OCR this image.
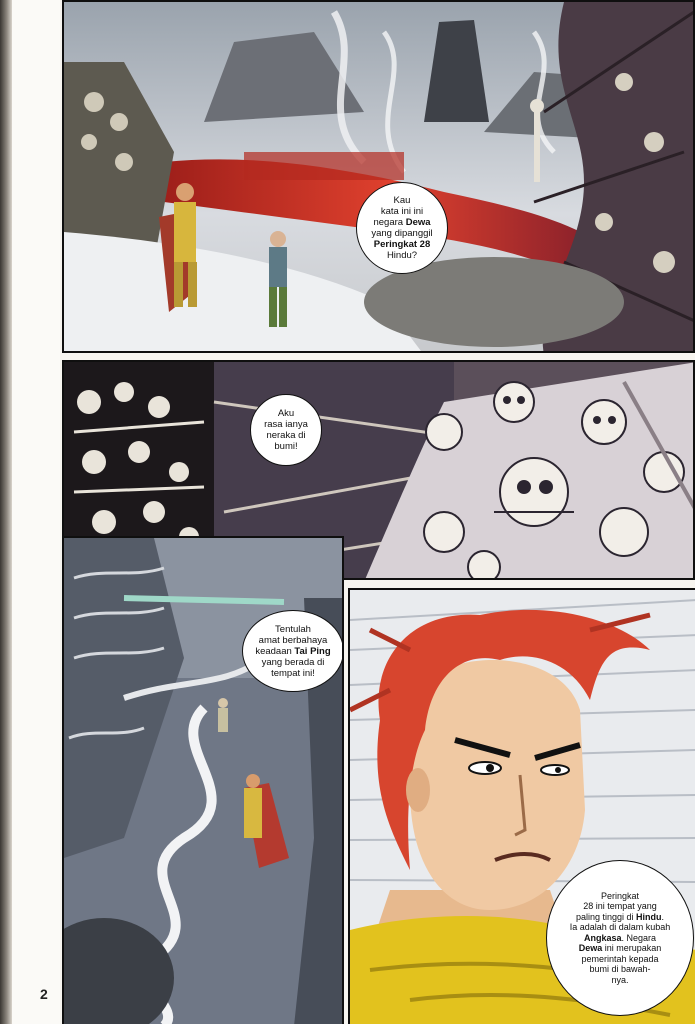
Kau
kata ini ini
negara Dewa
yang dipanggil
Peringkat 28
Hindu?
Aku
rasa ianya
neraka di
bumi!
Tentulah
amat berbahaya
keadaan Tai Ping
yang berada di
tempat ini!
Peringkat
28 ini tempat yang
paling tinggi di Hindu.
Ia adalah di dalam kubah
Angkasa. Negara
Dewa ini merupakan
pemerintah kepada
bumi di bawah-
nya.
2
